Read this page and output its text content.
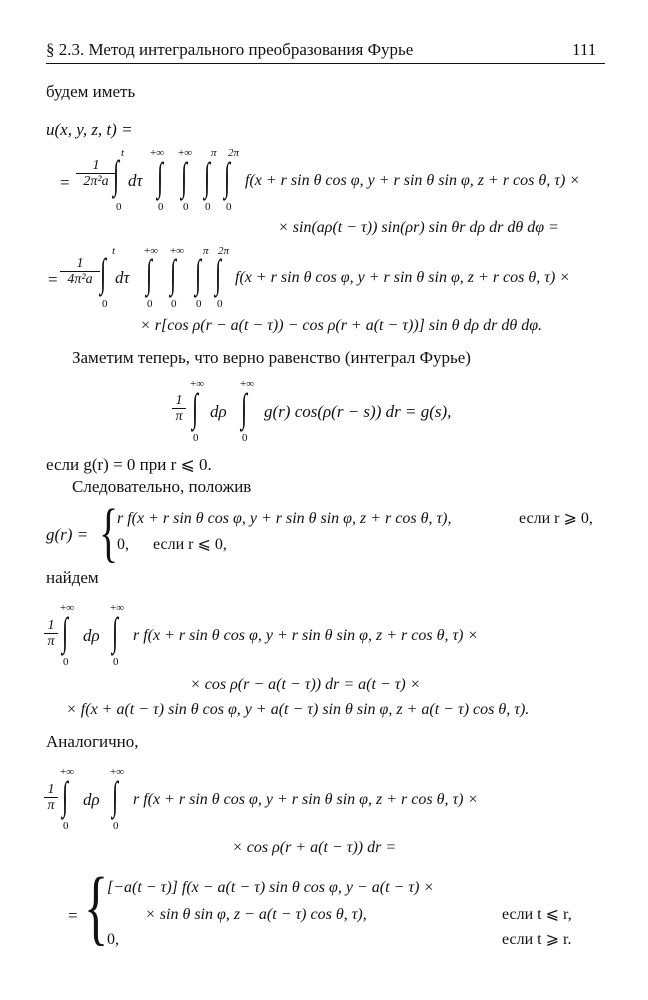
§ 2.3. Метод интегрального преобразования Фурье	111
будем иметь
u(x, y, z, t) =
= $\frac{1}{\text{2π²a}}$
t
∫
0
dτ
+∞
∫
0
+∞
∫
0
π
∫
0
2π
∫
0
f(x + r sin θ cos φ, y + r sin θ sin φ, z + r cos θ, τ) ×
× sin(aρ(t − τ)) sin(ρr) sin θr dρ dr dθ dφ =
= $\frac{1}{\text{4π²a}}$
t
∫
0
dτ
+∞
∫
0
+∞
∫
0
π
∫
0
2π
∫
0
f(x + r sin θ cos φ, y + r sin θ sin φ, z + r cos θ, τ) ×
× r[cos ρ(r − a(t − τ)) − cos ρ(r + a(t − τ))] sin θ dρ dr dθ dφ.
Заметим теперь, что верно равенство (интеграл Фурье)
$\frac{1}{\pi}$
+∞
∫
0
dρ
+∞
∫
0
g(r) cos(ρ(r − s)) dr = g(s),
если g(r) = 0 при r ⩽ 0.
Следовательно, положив
g(r) = {
r f(x + r sin θ cos φ, y + r sin θ sin φ, z + r cos θ, τ),	если r ⩾ 0,
0, если r ⩽ 0,
найдем
$\frac{1}{\pi}$
+∞
∫
0
dρ
+∞
∫
0
r f(x + r sin θ cos φ, y + r sin θ sin φ, z + r cos θ, τ) ×
× cos ρ(r − a(t − τ)) dr = a(t − τ) ×
× f(x + a(t − τ) sin θ cos φ, y + a(t − τ) sin θ sin φ, z + a(t − τ) cos θ, τ).
Аналогично,
$\frac{1}{\pi}$
+∞
∫
0
dρ
+∞
∫
0
r f(x + r sin θ cos φ, y + r sin θ sin φ, z + r cos θ, τ) ×
× cos ρ(r + a(t − τ)) dr =
= {
[−a(t − τ)] f(x − a(t − τ) sin θ cos φ, y − a(t − τ) ×
× sin θ sin φ, z − a(t − τ) cos θ, τ),	если t ⩽ r,
0,	если t ⩾ r.
